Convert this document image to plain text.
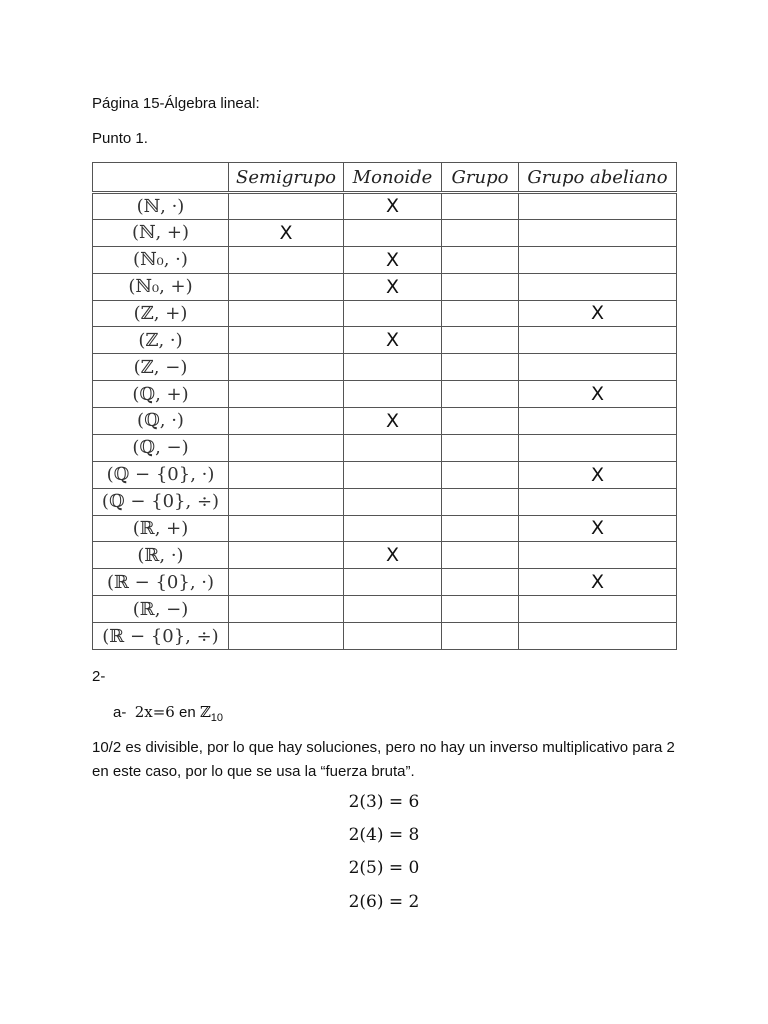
Página 15-Álgebra lineal:
Punto 1.
	Semigrupo	Monoide	Grupo	Grupo abeliano
(ℕ, ·)		X		
(ℕ, +)	X			
(ℕ₀, ·)		X		
(ℕ₀, +)		X		
(ℤ, +)				X
(ℤ, ·)		X		
(ℤ, −)				
(ℚ, +)				X
(ℚ, ·)		X		
(ℚ, −)				
(ℚ − {0}, ·)				X
(ℚ − {0}, ÷)				
(ℝ, +)				X
(ℝ, ·)		X		
(ℝ − {0}, ·)				X
(ℝ, −)				
(ℝ − {0}, ÷)				
2-
a-  2x=6 en ℤ$_{10}$
10/2 es divisible, por lo que hay soluciones, pero no hay un inverso multiplicativo para 2 en este caso, por lo que se usa la “fuerza bruta”.
2(3) = 6
2(4) = 8
2(5) = 0
2(6) = 2
